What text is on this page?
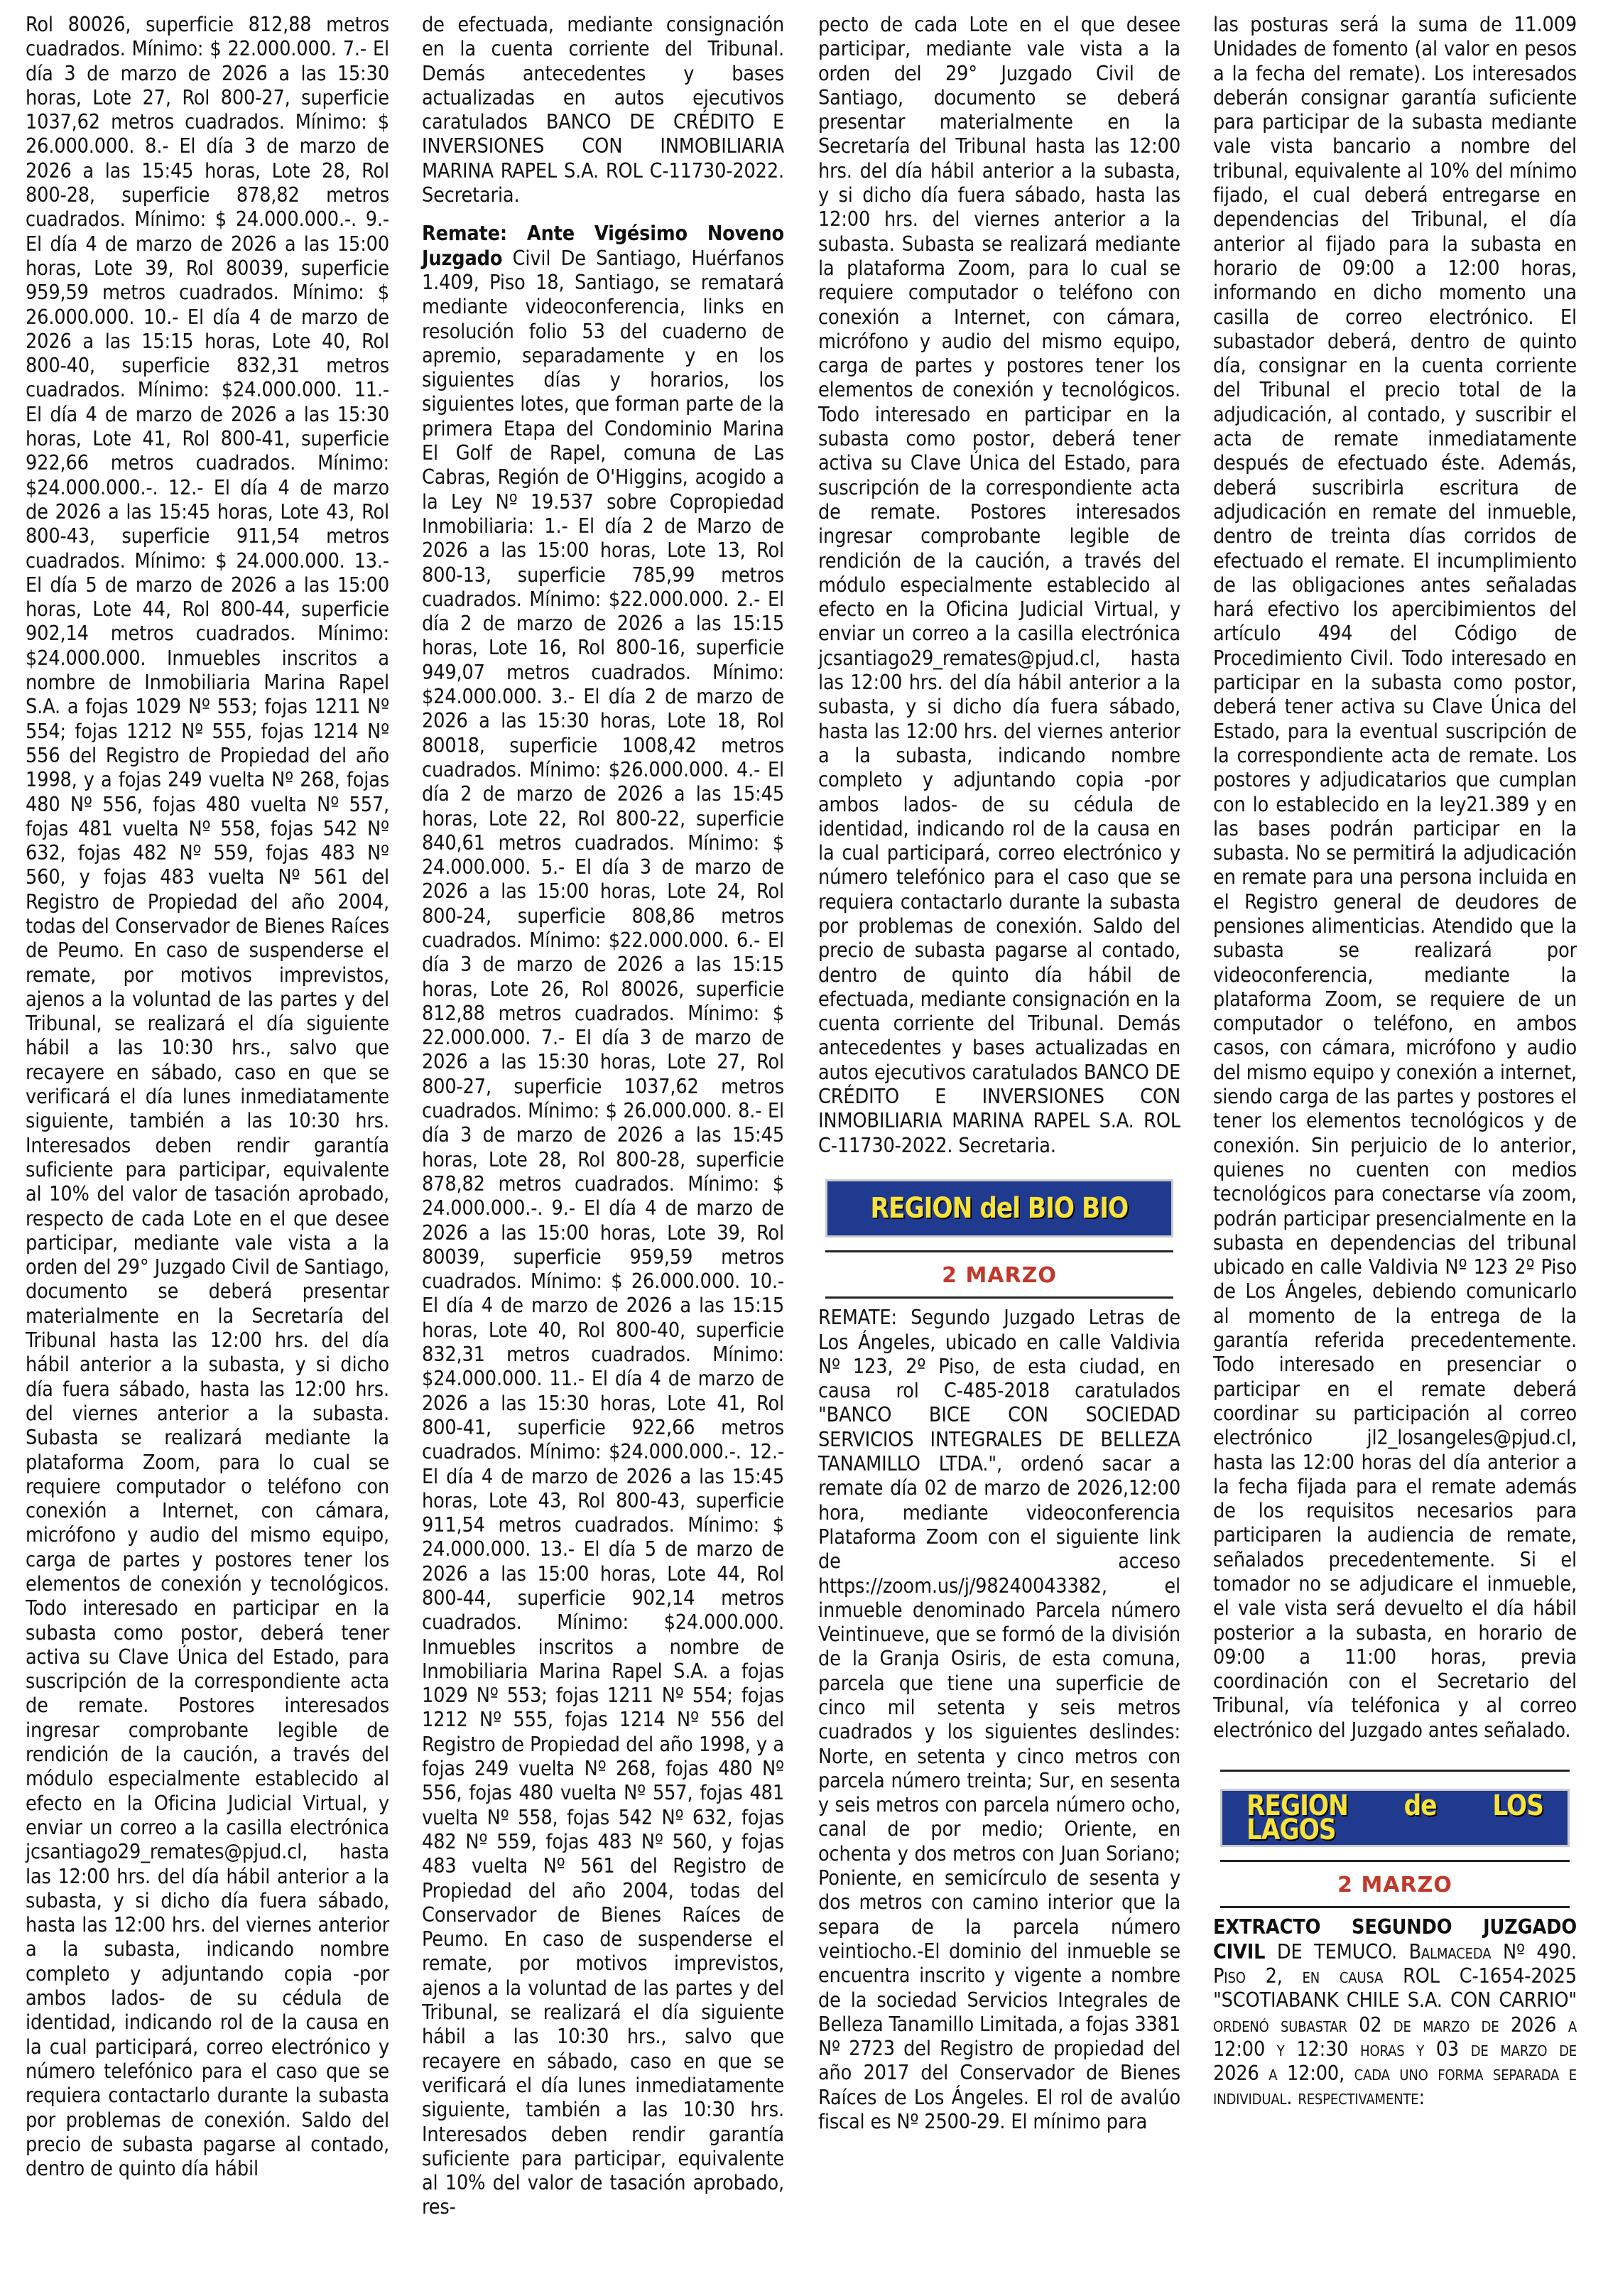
Rol 80026, superficie 812,88 metros cuadrados. Mínimo: $ 22.000.000. 7.- El día 3 de marzo de 2026 a las 15:30 horas, Lote 27, Rol 800-27, superficie 1037,62 metros cuadrados. Mínimo: $ 26.000.000. 8.- El día 3 de marzo de 2026 a las 15:45 horas, Lote 28, Rol 800-28, superficie 878,82 metros cuadrados. Mínimo: $ 24.000.000.-. 9.- El día 4 de marzo de 2026 a las 15:00 horas, Lote 39, Rol 80039, superficie 959,59 metros cuadrados. Mínimo: $ 26.000.000. 10.- El día 4 de marzo de 2026 a las 15:15 horas, Lote 40, Rol 800-40, superficie 832,31 metros cuadrados. Mínimo: $24.000.000. 11.- El día 4 de marzo de 2026 a las 15:30 horas, Lote 41, Rol 800-41, superficie 922,66 metros cuadrados. Mínimo: $24.000.000.-. 12.- El día 4 de marzo de 2026 a las 15:45 horas, Lote 43, Rol 800-43, superficie 911,54 metros cuadrados. Mínimo: $ 24.000.000. 13.- El día 5 de marzo de 2026 a las 15:00 horas, Lote 44, Rol 800-44, superficie 902,14 metros cuadrados. Mínimo: $24.000.000. Inmuebles inscritos a nombre de Inmobiliaria Marina Rapel S.A. a fojas 1029 Nº 553; fojas 1211 Nº 554; fojas 1212 Nº 555, fojas 1214 Nº 556 del Registro de Propiedad del año 1998, y a fojas 249 vuelta Nº 268, fojas 480 Nº 556, fojas 480 vuelta Nº 557, fojas 481 vuelta Nº 558, fojas 542 Nº 632, fojas 482 Nº 559, fojas 483 Nº 560, y fojas 483 vuelta Nº 561 del Registro de Propiedad del año 2004, todas del Conservador de Bienes Raíces de Peumo. En caso de suspenderse el remate, por motivos imprevistos, ajenos a la voluntad de las partes y del Tribunal, se realizará el día siguiente hábil a las 10:30 hrs., salvo que recayere en sábado, caso en que se verificará el día lunes inmediatamente siguiente, también a las 10:30 hrs. Interesados deben rendir garantía suficiente para participar, equivalente al 10% del valor de tasación aprobado, respecto de cada Lote en el que desee participar, mediante vale vista a la orden del 29° Juzgado Civil de Santiago, documento se deberá presentar materialmente en la Secretaría del Tribunal hasta las 12:00 hrs. del día hábil anterior a la subasta, y si dicho día fuera sábado, hasta las 12:00 hrs. del viernes anterior a la subasta. Subasta se realizará mediante la plataforma Zoom, para lo cual se requiere computador o teléfono con conexión a Internet, con cámara, micrófono y audio del mismo equipo, carga de partes y postores tener los elementos de conexión y tecnológicos. Todo interesado en participar en la subasta como postor, deberá tener activa su Clave Única del Estado, para suscripción de la correspondiente acta de remate. Postores interesados ingresar comprobante legible de rendición de la caución, a través del módulo especialmente establecido al efecto en la Oficina Judicial Virtual, y enviar un correo a la casilla electrónica jcsantiago29_remates@pjud.cl, hasta las 12:00 hrs. del día hábil anterior a la subasta, y si dicho día fuera sábado, hasta las 12:00 hrs. del viernes anterior a la subasta, indicando nombre completo y adjuntando copia -por ambos lados- de su cédula de identidad, indicando rol de la causa en la cual participará, correo electrónico y número telefónico para el caso que se requiera contactarlo durante la subasta por problemas de conexión. Saldo del precio de subasta pagarse al contado, dentro de quinto día hábil

de efectuada, mediante consignación en la cuenta corriente del Tribunal. Demás antecedentes y bases actualizadas en autos ejecutivos caratulados BANCO DE CRÉDITO E INVERSIONES CON INMOBILIARIA MARINA RAPEL S.A. ROL C-11730-2022. Secretaria.

Remate: Ante Vigésimo Noveno Juzgado Civil De Santiago, Huérfanos 1.409, Piso 18, Santiago, se rematará mediante videoconferencia, links en resolución folio 53 del cuaderno de apremio, separadamente y en los siguientes días y horarios, los siguientes lotes, que forman parte de la primera Etapa del Condominio Marina El Golf de Rapel, comuna de Las Cabras, Región de O'Higgins, acogido a la Ley Nº 19.537 sobre Copropiedad Inmobiliaria: 1.- El día 2 de Marzo de 2026 a las 15:00 horas, Lote 13, Rol 800-13, superficie 785,99 metros cuadrados. Mínimo: $22.000.000. 2.- El día 2 de marzo de 2026 a las 15:15 horas, Lote 16, Rol 800-16, superficie 949,07 metros cuadrados. Mínimo: $24.000.000. 3.- El día 2 de marzo de 2026 a las 15:30 horas, Lote 18, Rol 80018, superficie 1008,42 metros cuadrados. Mínimo: $26.000.000. 4.- El día 2 de marzo de 2026 a las 15:45 horas, Lote 22, Rol 800-22, superficie 840,61 metros cuadrados. Mínimo: $ 24.000.000. 5.- El día 3 de marzo de 2026 a las 15:00 horas, Lote 24, Rol 800-24, superficie 808,86 metros cuadrados. Mínimo: $22.000.000. 6.- El día 3 de marzo de 2026 a las 15:15 horas, Lote 26, Rol 80026, superficie 812,88 metros cuadrados. Mínimo: $ 22.000.000. 7.- El día 3 de marzo de 2026 a las 15:30 horas, Lote 27, Rol 800-27, superficie 1037,62 metros cuadrados. Mínimo: $ 26.000.000. 8.- El día 3 de marzo de 2026 a las 15:45 horas, Lote 28, Rol 800-28, superficie 878,82 metros cuadrados. Mínimo: $ 24.000.000.-. 9.- El día 4 de marzo de 2026 a las 15:00 horas, Lote 39, Rol 80039, superficie 959,59 metros cuadrados. Mínimo: $ 26.000.000. 10.- El día 4 de marzo de 2026 a las 15:15 horas, Lote 40, Rol 800-40, superficie 832,31 metros cuadrados. Mínimo: $24.000.000. 11.- El día 4 de marzo de 2026 a las 15:30 horas, Lote 41, Rol 800-41, superficie 922,66 metros cuadrados. Mínimo: $24.000.000.-. 12.- El día 4 de marzo de 2026 a las 15:45 horas, Lote 43, Rol 800-43, superficie 911,54 metros cuadrados. Mínimo: $ 24.000.000. 13.- El día 5 de marzo de 2026 a las 15:00 horas, Lote 44, Rol 800-44, superficie 902,14 metros cuadrados. Mínimo: $24.000.000. Inmuebles inscritos a nombre de Inmobiliaria Marina Rapel S.A. a fojas 1029 Nº 553; fojas 1211 Nº 554; fojas 1212 Nº 555, fojas 1214 Nº 556 del Registro de Propiedad del año 1998, y a fojas 249 vuelta Nº 268, fojas 480 Nº 556, fojas 480 vuelta Nº 557, fojas 481 vuelta Nº 558, fojas 542 Nº 632, fojas 482 Nº 559, fojas 483 Nº 560, y fojas 483 vuelta Nº 561 del Registro de Propiedad del año 2004, todas del Conservador de Bienes Raíces de Peumo. En caso de suspenderse el remate, por motivos imprevistos, ajenos a la voluntad de las partes y del Tribunal, se realizará el día siguiente hábil a las 10:30 hrs., salvo que recayere en sábado, caso en que se verificará el día lunes inmediatamente siguiente, también a las 10:30 hrs. Interesados deben rendir garantía suficiente para participar, equivalente al 10% del valor de tasación aprobado, res-

pecto de cada Lote en el que desee participar, mediante vale vista a la orden del 29° Juzgado Civil de Santiago, documento se deberá presentar materialmente en la Secretaría del Tribunal hasta las 12:00 hrs. del día hábil anterior a la subasta, y si dicho día fuera sábado, hasta las 12:00 hrs. del viernes anterior a la subasta. Subasta se realizará mediante la plataforma Zoom, para lo cual se requiere computador o teléfono con conexión a Internet, con cámara, micrófono y audio del mismo equipo, carga de partes y postores tener los elementos de conexión y tecnológicos. Todo interesado en participar en la subasta como postor, deberá tener activa su Clave Única del Estado, para suscripción de la correspondiente acta de remate. Postores interesados ingresar comprobante legible de rendición de la caución, a través del módulo especialmente establecido al efecto en la Oficina Judicial Virtual, y enviar un correo a la casilla electrónica jcsantiago29_remates@pjud.cl, hasta las 12:00 hrs. del día hábil anterior a la subasta, y si dicho día fuera sábado, hasta las 12:00 hrs. del viernes anterior a la subasta, indicando nombre completo y adjuntando copia -por ambos lados- de su cédula de identidad, indicando rol de la causa en la cual participará, correo electrónico y número telefónico para el caso que se requiera contactarlo durante la subasta por problemas de conexión. Saldo del precio de subasta pagarse al contado, dentro de quinto día hábil de efectuada, mediante consignación en la cuenta corriente del Tribunal. Demás antecedentes y bases actualizadas en autos ejecutivos caratulados BANCO DE CRÉDITO E INVERSIONES CON INMOBILIARIA MARINA RAPEL S.A. ROL C-11730-2022. Secretaria.

REGION del BIO BIO
2 MARZO

REMATE: Segundo Juzgado Letras de Los Ángeles, ubicado en calle Valdivia Nº 123, 2º Piso, de esta ciudad, en causa rol C-485-2018 caratulados "BANCO BICE CON SOCIEDAD SERVICIOS INTEGRALES DE BELLEZA TANAMILLO LTDA.", ordenó sacar a remate día 02 de marzo de 2026,12:00 hora, mediante videoconferencia Plataforma Zoom con el siguiente link de acceso https://zoom.us/j/98240043382, el inmueble denominado Parcela número Veintinueve, que se formó de la división de la Granja Osiris, de esta comuna, parcela que tiene una superficie de cinco mil setenta y seis metros cuadrados y los siguientes deslindes: Norte, en setenta y cinco metros con parcela número treinta; Sur, en sesenta y seis metros con parcela número ocho, canal de por medio; Oriente, en ochenta y dos metros con Juan Soriano; Poniente, en semicírculo de sesenta y dos metros con camino interior que la separa de la parcela número veintiocho.-El dominio del inmueble se encuentra inscrito y vigente a nombre de la sociedad Servicios Integrales de Belleza Tanamillo Limitada, a fojas 3381 Nº 2723 del Registro de propiedad del año 2017 del Conservador de Bienes Raíces de Los Ángeles. El rol de avalúo fiscal es Nº 2500-29. El mínimo para

las posturas será la suma de 11.009 Unidades de fomento (al valor en pesos a la fecha del remate). Los interesados deberán consignar garantía suficiente para participar de la subasta mediante vale vista bancario a nombre del tribunal, equivalente al 10% del mínimo fijado, el cual deberá entregarse en dependencias del Tribunal, el día anterior al fijado para la subasta en horario de 09:00 a 12:00 horas, informando en dicho momento una casilla de correo electrónico. El subastador deberá, dentro de quinto día, consignar en la cuenta corriente del Tribunal el precio total de la adjudicación, al contado, y suscribir el acta de remate inmediatamente después de efectuado éste. Además, deberá suscribirla escritura de adjudicación en remate del inmueble, dentro de treinta días corridos de efectuado el remate. El incumplimiento de las obligaciones antes señaladas hará efectivo los apercibimientos del artículo 494 del Código de Procedimiento Civil. Todo interesado en participar en la subasta como postor, deberá tener activa su Clave Única del Estado, para la eventual suscripción de la correspondiente acta de remate. Los postores y adjudicatarios que cumplan con lo establecido en la Iey21.389 y en las bases podrán participar en la subasta. No se permitirá la adjudicación en remate para una persona incluida en el Registro general de deudores de pensiones alimenticias. Atendido que la subasta se realizará por videoconferencia, mediante la plataforma Zoom, se requiere de un computador o teléfono, en ambos casos, con cámara, micrófono y audio del mismo equipo y conexión a internet, siendo carga de las partes y postores el tener los elementos tecnológicos y de conexión. Sin perjuicio de lo anterior, quienes no cuenten con medios tecnológicos para conectarse vía zoom, podrán participar presencialmente en la subasta en dependencias del tribunal ubicado en calle Valdivia Nº 123 2º Piso de Los Ángeles, debiendo comunicarlo al momento de la entrega de la garantía referida precedentemente. Todo interesado en presenciar o participar en el remate deberá coordinar su participación al correo electrónico jl2_losangeles@pjud.cl, hasta las 12:00 horas del día anterior a la fecha fijada para el remate además de los requisitos necesarios para participaren la audiencia de remate, señalados precedentemente. Si el tomador no se adjudicare el inmueble, el vale vista será devuelto el día hábil posterior a la subasta, en horario de 09:00 a 11:00 horas, previa coordinación con el Secretario del Tribunal, vía teléfonica y al correo electrónico del Juzgado antes señalado.

REGION de LOS LAGOS
2 MARZO

EXTRACTO SEGUNDO JUZGADO CIVIL DE TEMUCO. Balmaceda Nº 490. Piso 2, en causa ROL C-1654-2025 "SCOTIABANK CHILE S.A. CON CARRIO" ordenó subastar 02 de marzo de 2026 a 12:00 y 12:30 horas y 03 de marzo de 2026 a 12:00, cada uno forma separada e individual. respectivamente:
